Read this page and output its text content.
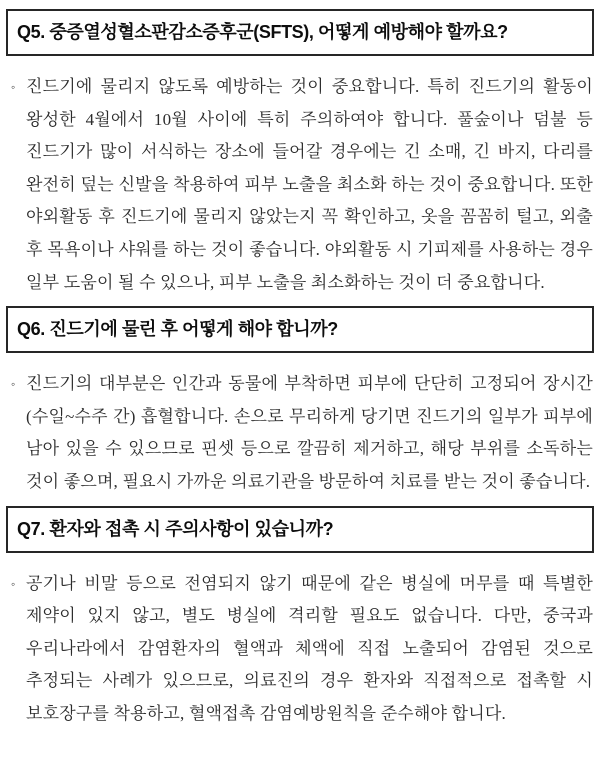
Q5. 중증열성혈소판감소증후군(SFTS), 어떻게 예방해야 할까요?
◦ 진드기에 물리지 않도록 예방하는 것이 중요합니다. 특히 진드기의 활동이 왕성한 4월에서 10월 사이에 특히 주의하여야 합니다. 풀숲이나 덤불 등 진드기가 많이 서식하는 장소에 들어갈 경우에는 긴 소매, 긴 바지, 다리를 완전히 덮는 신발을 착용하여 피부 노출을 최소화 하는 것이 중요합니다. 또한 야외활동 후 진드기에 물리지 않았는지 꼭 확인하고, 옷을 꼼꼼히 털고, 외출 후 목욕이나 샤워를 하는 것이 좋습니다. 야외활동 시 기피제를 사용하는 경우 일부 도움이 될 수 있으나, 피부 노출을 최소화하는 것이 더 중요합니다.

Q6. 진드기에 물린 후 어떻게 해야 합니까?
◦ 진드기의 대부분은 인간과 동물에 부착하면 피부에 단단히 고정되어 장시간(수일~수주 간) 흡혈합니다. 손으로 무리하게 당기면 진드기의 일부가 피부에 남아 있을 수 있으므로 핀셋 등으로 깔끔히 제거하고, 해당 부위를 소독하는 것이 좋으며, 필요시 가까운 의료기관을 방문하여 치료를 받는 것이 좋습니다.

Q7. 환자와 접촉 시 주의사항이 있습니까?
◦ 공기나 비말 등으로 전염되지 않기 때문에 같은 병실에 머무를 때 특별한 제약이 있지 않고, 별도 병실에 격리할 필요도 없습니다. 다만, 중국과 우리나라에서 감염환자의 혈액과 체액에 직접 노출되어 감염된 것으로 추정되는 사례가 있으므로, 의료진의 경우 환자와 직접적으로 접촉할 시 보호장구를 착용하고, 혈액접촉 감염예방원칙을 준수해야 합니다.
